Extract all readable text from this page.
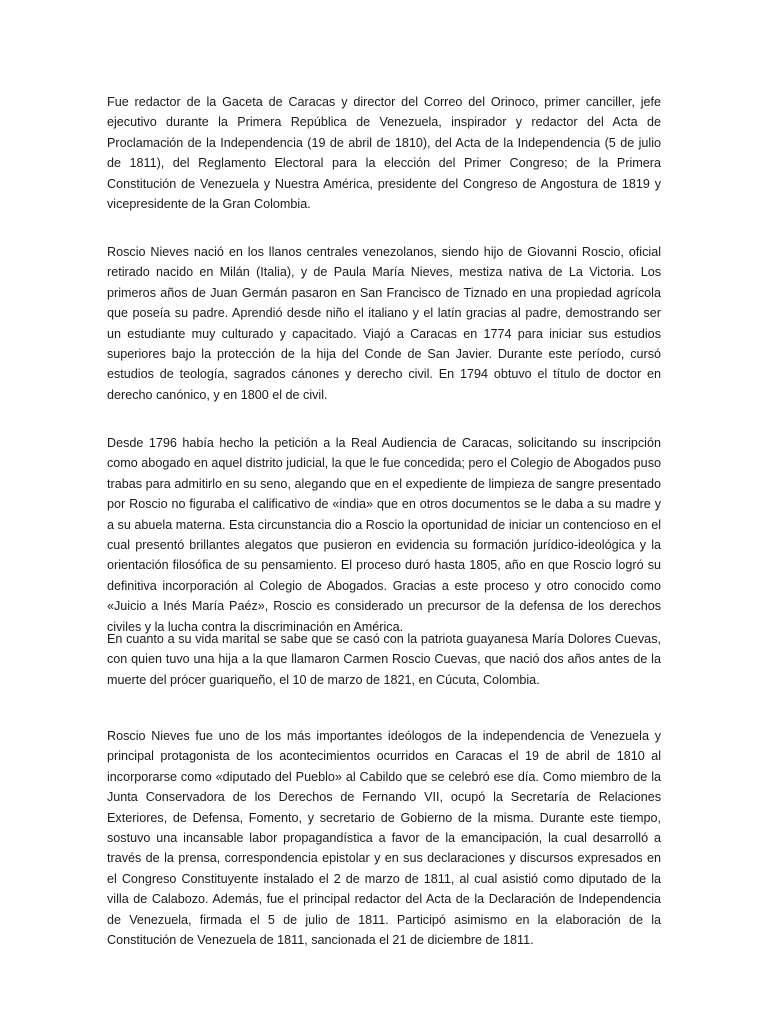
Fue redactor de la Gaceta de Caracas y director del Correo del Orinoco, primer canciller, jefe ejecutivo durante la Primera República de Venezuela, inspirador y redactor del Acta de Proclamación de la Independencia (19 de abril de 1810), del Acta de la Independencia (5 de julio de 1811), del Reglamento Electoral para la elección del Primer Congreso; de la Primera Constitución de Venezuela y Nuestra América, presidente del Congreso de Angostura de 1819 y vicepresidente de la Gran Colombia.

Roscio Nieves nació en los llanos centrales venezolanos, siendo hijo de Giovanni Roscio, oficial retirado nacido en Milán (Italia), y de Paula María Nieves, mestiza nativa de La Victoria. Los primeros años de Juan Germán pasaron en San Francisco de Tiznado en una propiedad agrícola que poseía su padre. Aprendió desde niño el italiano y el latín gracias al padre, demostrando ser un estudiante muy culturado y capacitado. Viajó a Caracas en 1774 para iniciar sus estudios superiores bajo la protección de la hija del Conde de San Javier. Durante este período, cursó estudios de teología, sagrados cánones y derecho civil. En 1794 obtuvo el título de doctor en derecho canónico, y en 1800 el de civil.

Desde 1796 había hecho la petición a la Real Audiencia de Caracas, solicitando su inscripción como abogado en aquel distrito judicial, la que le fue concedida; pero el Colegio de Abogados puso trabas para admitirlo en su seno, alegando que en el expediente de limpieza de sangre presentado por Roscio no figuraba el calificativo de «india» que en otros documentos se le daba a su madre y a su abuela materna. Esta circunstancia dio a Roscio la oportunidad de iniciar un contencioso en el cual presentó brillantes alegatos que pusieron en evidencia su formación jurídico-ideológica y la orientación filosófica de su pensamiento. El proceso duró hasta 1805, año en que Roscio logró su definitiva incorporación al Colegio de Abogados. Gracias a este proceso y otro conocido como «Juicio a Inés María Paéz», Roscio es considerado un precursor de la defensa de los derechos civiles y la lucha contra la discriminación en América.

En cuanto a su vida marital se sabe que se casó con la patriota guayanesa María Dolores Cuevas, con quien tuvo una hija a la que llamaron Carmen Roscio Cuevas, que nació dos años antes de la muerte del prócer guariqueño, el 10 de marzo de 1821, en Cúcuta, Colombia.

Roscio Nieves fue uno de los más importantes ideólogos de la independencia de Venezuela y principal protagonista de los acontecimientos ocurridos en Caracas el 19 de abril de 1810 al incorporarse como «diputado del Pueblo» al Cabildo que se celebró ese día. Como miembro de la Junta Conservadora de los Derechos de Fernando VII, ocupó la Secretaría de Relaciones Exteriores, de Defensa, Fomento, y secretario de Gobierno de la misma. Durante este tiempo, sostuvo una incansable labor propagandística a favor de la emancipación, la cual desarrolló a través de la prensa, correspondencia epistolar y en sus declaraciones y discursos expresados en el Congreso Constituyente instalado el 2 de marzo de 1811, al cual asistió como diputado de la villa de Calabozo. Además, fue el principal redactor del Acta de la Declaración de Independencia de Venezuela, firmada el 5 de julio de 1811. Participó asimismo en la elaboración de la Constitución de Venezuela de 1811, sancionada el 21 de diciembre de 1811.
